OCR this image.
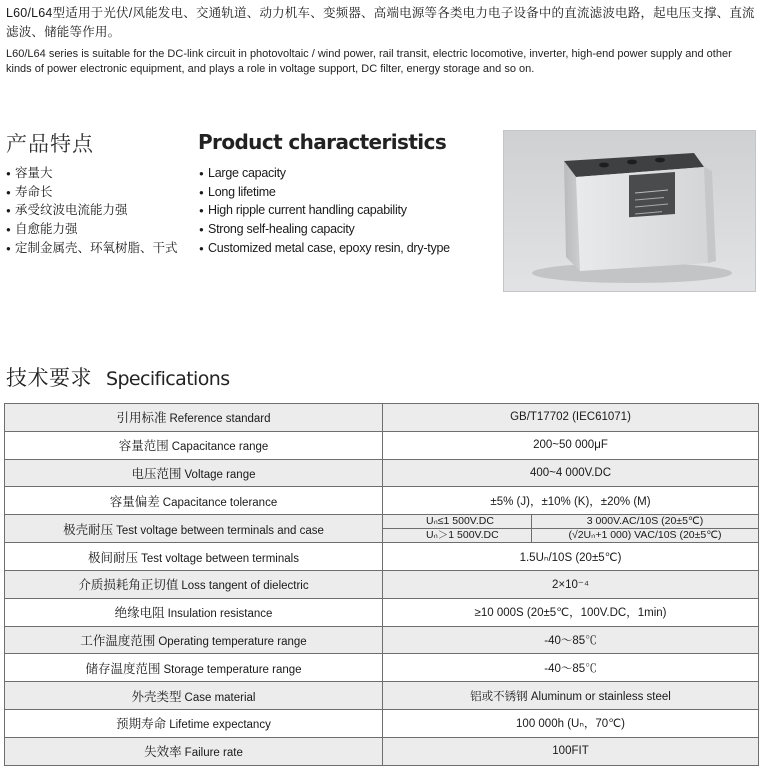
L60/L64型适用于光伏/风能发电、交通轨道、动力机车、变频器、高端电源等各类电力电子设备中的直流滤波电路，起电压支撑、直流滤波、储能等作用。
L60/L64 series is suitable for the DC-link circuit in photovoltaic / wind power, rail transit, electric locomotive, inverter, high-end power supply and other kinds of power electronic equipment, and plays a role in voltage support, DC filter, energy storage and so on.
产品特点	Product characteristics
● 容量大
● 寿命长
● 承受纹波电流能力强
● 自愈能力强
● 定制金属壳、环氧树脂、干式
● Large capacity
● Long lifetime
● High ripple current handling capability
● Strong self-healing capacity
● Customized metal case, epoxy resin, dry-type
技术要求 Specifications
引用标准 Reference standard	GB/T17702 (IEC61071)
容量范围 Capacitance range	200~50 000μF
电压范围 Voltage range	400~4 000V.DC
容量偏差 Capacitance tolerance	±5% (J)，±10% (K)，±20% (M)
极壳耐压 Test voltage between terminals and case	Uₙ≤1 500V.DC 3 000V.AC/10S (20±5℃)
Uₙ＞1 500V.DC (√2Uₙ+1 000) VAC/10S (20±5℃)

极间耐压 Test voltage between terminals	1.5Uₙ/10S (20±5℃)
介质损耗角正切值 Loss tangent of dielectric	2×10⁻⁴
绝缘电阻 Insulation resistance	≥10 000S (20±5℃，100V.DC，1min)
工作温度范围 Operating temperature range	-40～85℃
储存温度范围 Storage temperature range	-40～85℃
外壳类型 Case material	铝或不锈钢 Aluminum or stainless steel
预期寿命 Lifetime expectancy	100 000h (Uₙ，70℃)
失效率 Failure rate	100FIT
